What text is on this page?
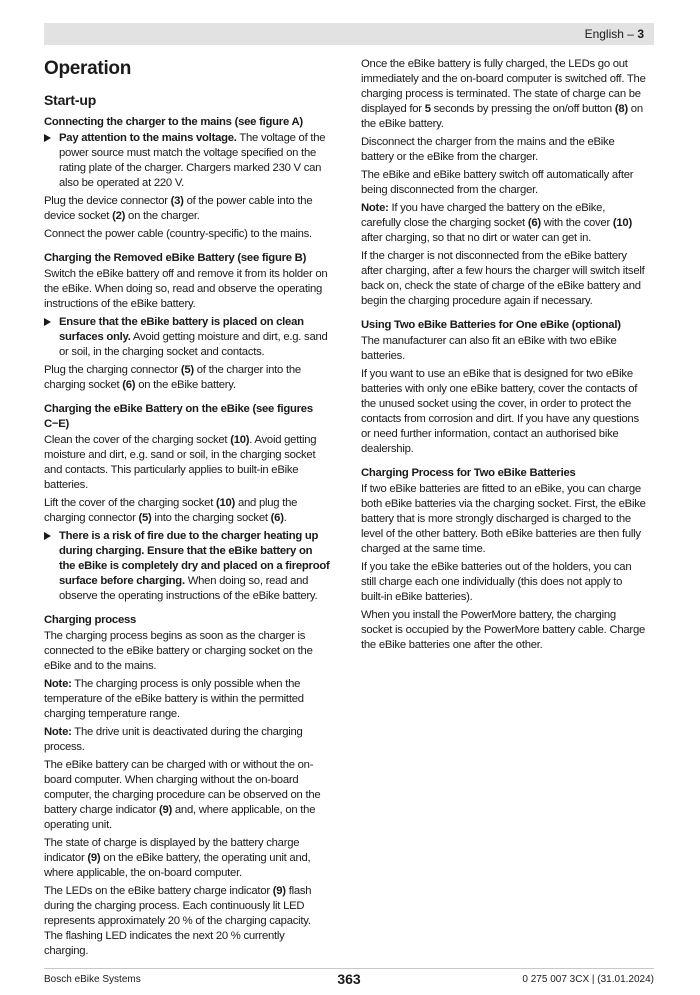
English – 3
Operation
Start-up
Connecting the charger to the mains (see figure A)
Pay attention to the mains voltage. The voltage of the power source must match the voltage specified on the rating plate of the charger. Chargers marked 230 V can also be operated at 220 V.

Plug the device connector (3) of the power cable into the device socket (2) on the charger.

Connect the power cable (country-specific) to the mains.

Charging the Removed eBike Battery (see figure B)

Switch the eBike battery off and remove it from its holder on the eBike. When doing so, read and observe the operating instructions of the eBike battery.

Ensure that the eBike battery is placed on clean surfaces only. Avoid getting moisture and dirt, e.g. sand or soil, in the charging socket and contacts.

Plug the charging connector (5) of the charger into the charging socket (6) on the eBike battery.

Charging the eBike Battery on the eBike (see figures C−E)

Clean the cover of the charging socket (10). Avoid getting moisture and dirt, e.g. sand or soil, in the charging socket and contacts. This particularly applies to built-in eBike batteries.

Lift the cover of the charging socket (10) and plug the charging connector (5) into the charging socket (6).

There is a risk of fire due to the charger heating up during charging. Ensure that the eBike battery on the eBike is completely dry and placed on a fireproof surface before charging. When doing so, read and observe the operating instructions of the eBike battery.
Charging process

The charging process begins as soon as the charger is connected to the eBike battery or charging socket on the eBike and to the mains.

Note: The charging process is only possible when the temperature of the eBike battery is within the permitted charging temperature range.

Note: The drive unit is deactivated during the charging process.

The eBike battery can be charged with or without the on-board computer. When charging without the on-board computer, the charging procedure can be observed on the battery charge indicator (9) and, where applicable, on the operating unit.

The state of charge is displayed by the battery charge indicator (9) on the eBike battery, the operating unit and, where applicable, the on-board computer.

The LEDs on the eBike battery charge indicator (9) flash during the charging process. Each continuously lit LED represents approximately 20 % of the charging capacity. The flashing LED indicates the next 20 % currently charging.

Once the eBike battery is fully charged, the LEDs go out immediately and the on-board computer is switched off. The charging process is terminated. The state of charge can be displayed for 5 seconds by pressing the on/off button (8) on the eBike battery.

Disconnect the charger from the mains and the eBike battery or the eBike from the charger.

The eBike and eBike battery switch off automatically after being disconnected from the charger.

Note: If you have charged the battery on the eBike, carefully close the charging socket (6) with the cover (10) after charging, so that no dirt or water can get in.

If the charger is not disconnected from the eBike battery after charging, after a few hours the charger will switch itself back on, check the state of charge of the eBike battery and begin the charging procedure again if necessary.

Using Two eBike Batteries for One eBike (optional)

The manufacturer can also fit an eBike with two eBike batteries.

If you want to use an eBike that is designed for two eBike batteries with only one eBike battery, cover the contacts of the unused socket using the cover, in order to protect the contacts from corrosion and dirt. If you have any questions or need further information, contact an authorised bike dealership.

Charging Process for Two eBike Batteries

If two eBike batteries are fitted to an eBike, you can charge both eBike batteries via the charging socket. First, the eBike battery that is more strongly discharged is charged to the level of the other battery. Both eBike batteries are then fully charged at the same time.

If you take the eBike batteries out of the holders, you can still charge each one individually (this does not apply to built-in eBike batteries).

When you install the PowerMore battery, the charging socket is occupied by the PowerMore battery cable. Charge the eBike batteries one after the other.

Bosch eBike Systems	363	0 275 007 3CX | (31.01.2024)
